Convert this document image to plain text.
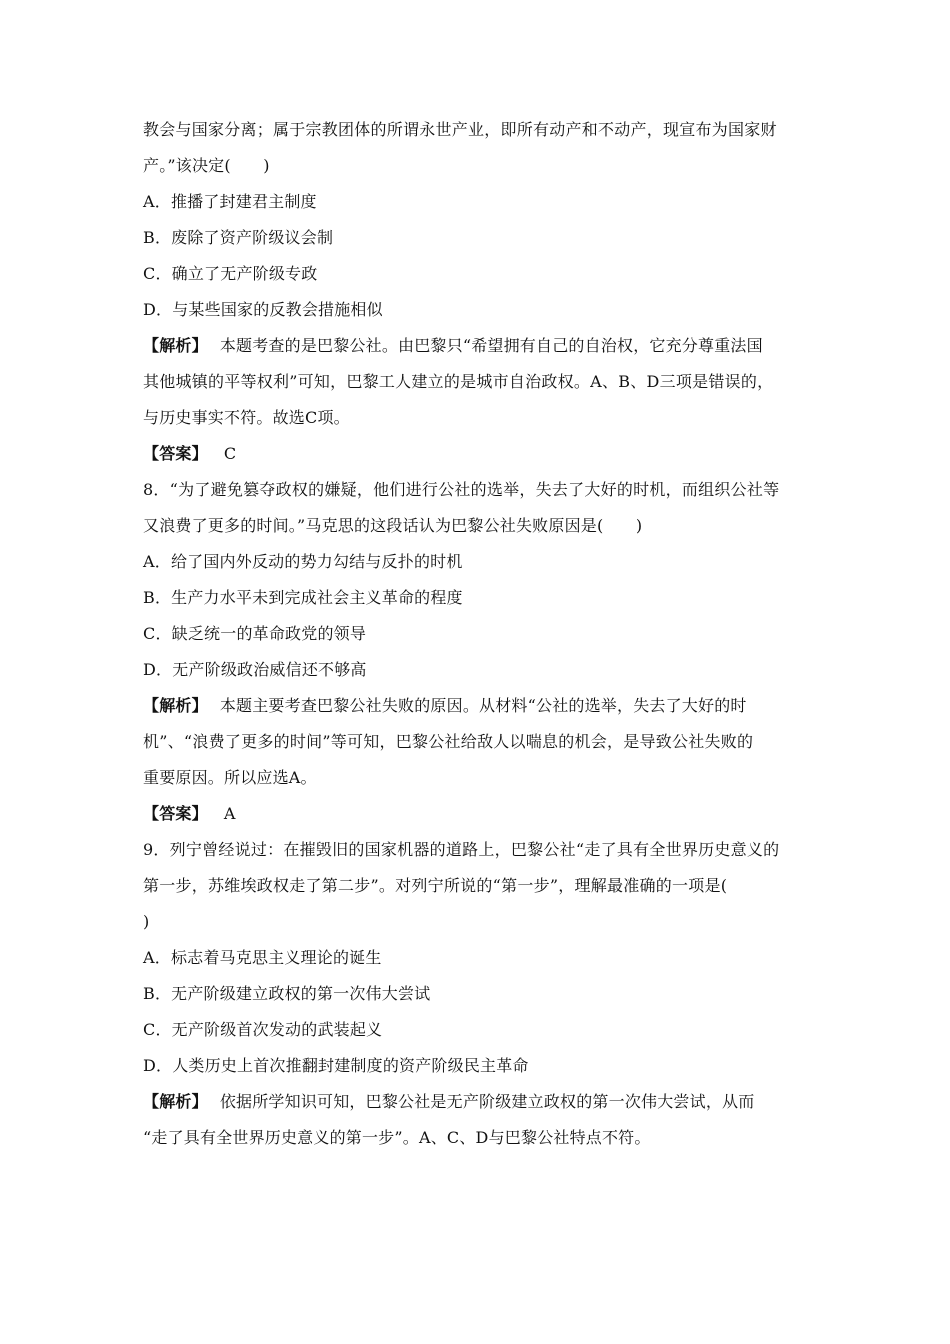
教会与国家分离；属于宗教团体的所谓永世产业，即所有动产和不动产，现宣布为国家财
产。”该决定(　　)
A．推播了封建君主制度
B．废除了资产阶级议会制
C．确立了无产阶级专政
D．与某些国家的反教会措施相似
【解析】 本题考查的是巴黎公社。由巴黎只“希望拥有自己的自治权，它充分尊重法国
其他城镇的平等权利”可知，巴黎工人建立的是城市自治政权。A、B、D三项是错误的，
与历史事实不符。故选C项。
【答案】 C
8．“为了避免篡夺政权的嫌疑，他们进行公社的选举，失去了大好的时机，而组织公社等
又浪费了更多的时间。”马克思的这段话认为巴黎公社失败原因是(　　)
A．给了国内外反动的势力勾结与反扑的时机
B．生产力水平未到完成社会主义革命的程度
C．缺乏统一的革命政党的领导
D．无产阶级政治威信还不够高
【解析】 本题主要考查巴黎公社失败的原因。从材料“公社的选举，失去了大好的时
机”、“浪费了更多的时间”等可知，巴黎公社给敌人以喘息的机会，是导致公社失败的
重要原因。所以应选A。
【答案】 A
9．列宁曾经说过：在摧毁旧的国家机器的道路上，巴黎公社“走了具有全世界历史意义的
第一步，苏维埃政权走了第二步”。对列宁所说的“第一步”，理解最准确的一项是(
)
A．标志着马克思主义理论的诞生
B．无产阶级建立政权的第一次伟大尝试
C．无产阶级首次发动的武装起义
D．人类历史上首次推翻封建制度的资产阶级民主革命
【解析】 依据所学知识可知，巴黎公社是无产阶级建立政权的第一次伟大尝试，从而
“走了具有全世界历史意义的第一步”。A、C、D与巴黎公社特点不符。
